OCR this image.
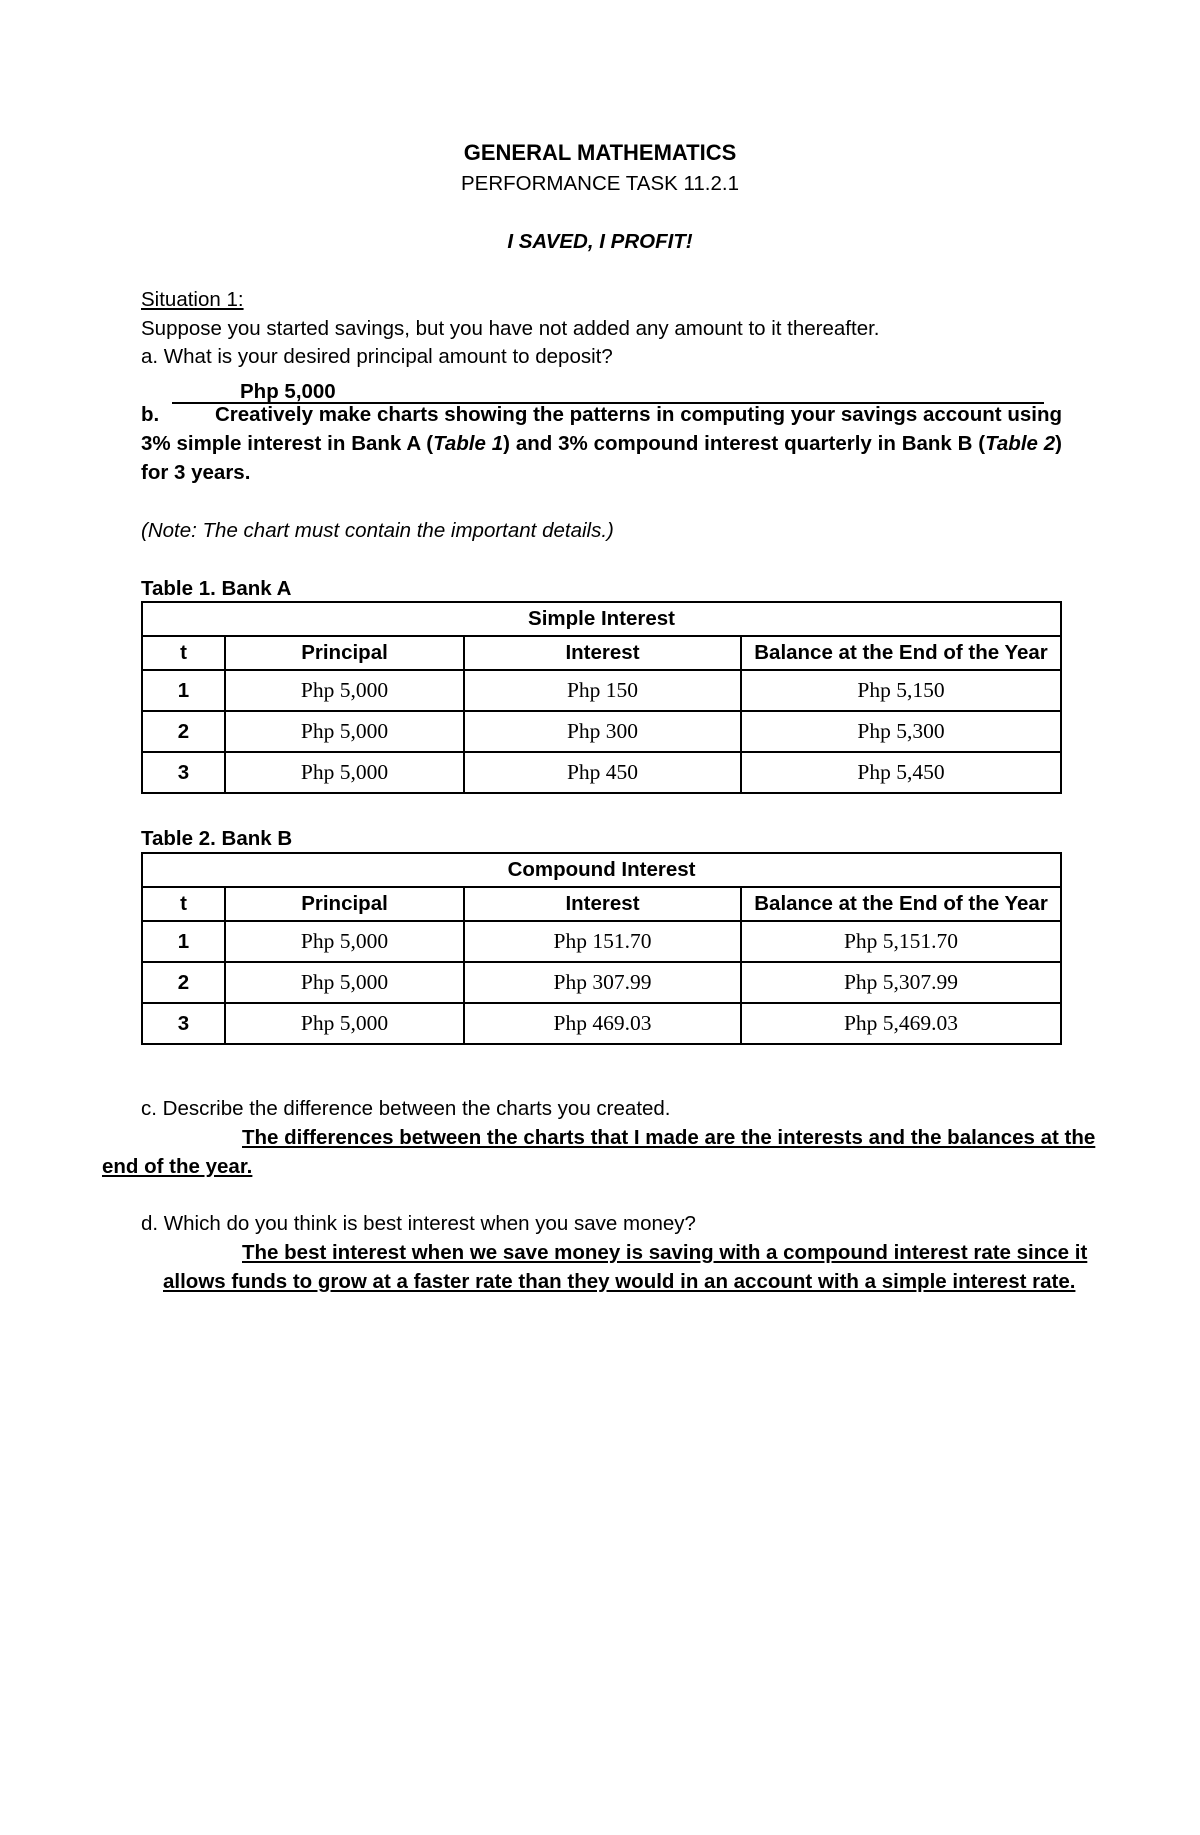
GENERAL MATHEMATICS
PERFORMANCE TASK 11.2.1
I SAVED, I PROFIT!
Situation 1:
Suppose you started savings, but you have not added any amount to it thereafter.
a. What is your desired principal amount to deposit?
Php 5,000
b.	Creatively make charts showing the patterns in computing your savings account using 3% simple interest in Bank A (Table 1) and 3% compound interest quarterly in Bank B (Table 2) for 3 years.
(Note: The chart must contain the important details.)
Table 1. Bank A
Simple Interest			
t	Principal	Interest	Balance at the End of the Year
1	Php 5,000	Php 150	Php 5,150
2	Php 5,000	Php 300	Php 5,300
3	Php 5,000	Php 450	Php 5,450
Table 2. Bank B
Compound Interest			
t	Principal	Interest	Balance at the End of the Year
1	Php 5,000	Php 151.70	Php 5,151.70
2	Php 5,000	Php 307.99	Php 5,307.99
3	Php 5,000	Php 469.03	Php 5,469.03
c. Describe the difference between the charts you created.
The differences between the charts that I made are the interests and the balances at the
end of the year.
d. Which do you think is best interest when you save money?
The best interest when we save money is saving with a compound interest rate since it
allows funds to grow at a faster rate than they would in an account with a simple interest rate.
